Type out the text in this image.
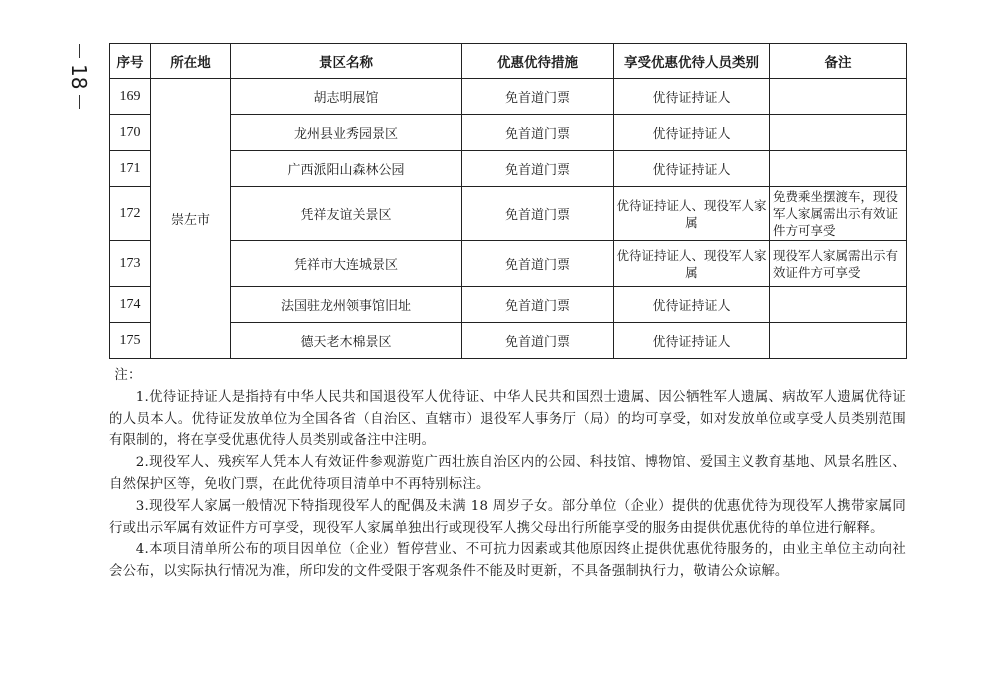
18
序号	所在地	景区名称	优惠优待措施	享受优惠优待人员类别	备注
169	崇左市	胡志明展馆	免首道门票	优待证持证人	
170		龙州县业秀园景区	免首道门票	优待证持证人	
171		广西派阳山森林公园	免首道门票	优待证持证人	
172		凭祥友谊关景区	免首道门票	优待证持证人、现役军人家属	免费乘坐摆渡车，现役军人家属需出示有效证件方可享受
173		凭祥市大连城景区	免首道门票	优待证持证人、现役军人家属	现役军人家属需出示有效证件方可享受
174		法国驻龙州领事馆旧址	免首道门票	优待证持证人	
175		德天老木棉景区	免首道门票	优待证持证人	

注：

1.优待证持证人是指持有中华人民共和国退役军人优待证、中华人民共和国烈士遗属、因公牺牲军人遗属、病故军人遗属优待证的人员本人。优待证发放单位为全国各省（自治区、直辖市）退役军人事务厅（局）的均可享受，如对发放单位或享受人员类别范围有限制的，将在享受优惠优待人员类别或备注中注明。

2.现役军人、残疾军人凭本人有效证件参观游览广西壮族自治区内的公园、科技馆、博物馆、爱国主义教育基地、风景名胜区、自然保护区等，免收门票，在此优待项目清单中不再特别标注。

3.现役军人家属一般情况下特指现役军人的配偶及未满 18 周岁子女。部分单位（企业）提供的优惠优待为现役军人携带家属同行或出示军属有效证件方可享受，现役军人家属单独出行或现役军人携父母出行所能享受的服务由提供优惠优待的单位进行解释。

4.本项目清单所公布的项目因单位（企业）暂停营业、不可抗力因素或其他原因终止提供优惠优待服务的，由业主单位主动向社会公布，以实际执行情况为准，所印发的文件受限于客观条件不能及时更新，不具备强制执行力，敬请公众谅解。
